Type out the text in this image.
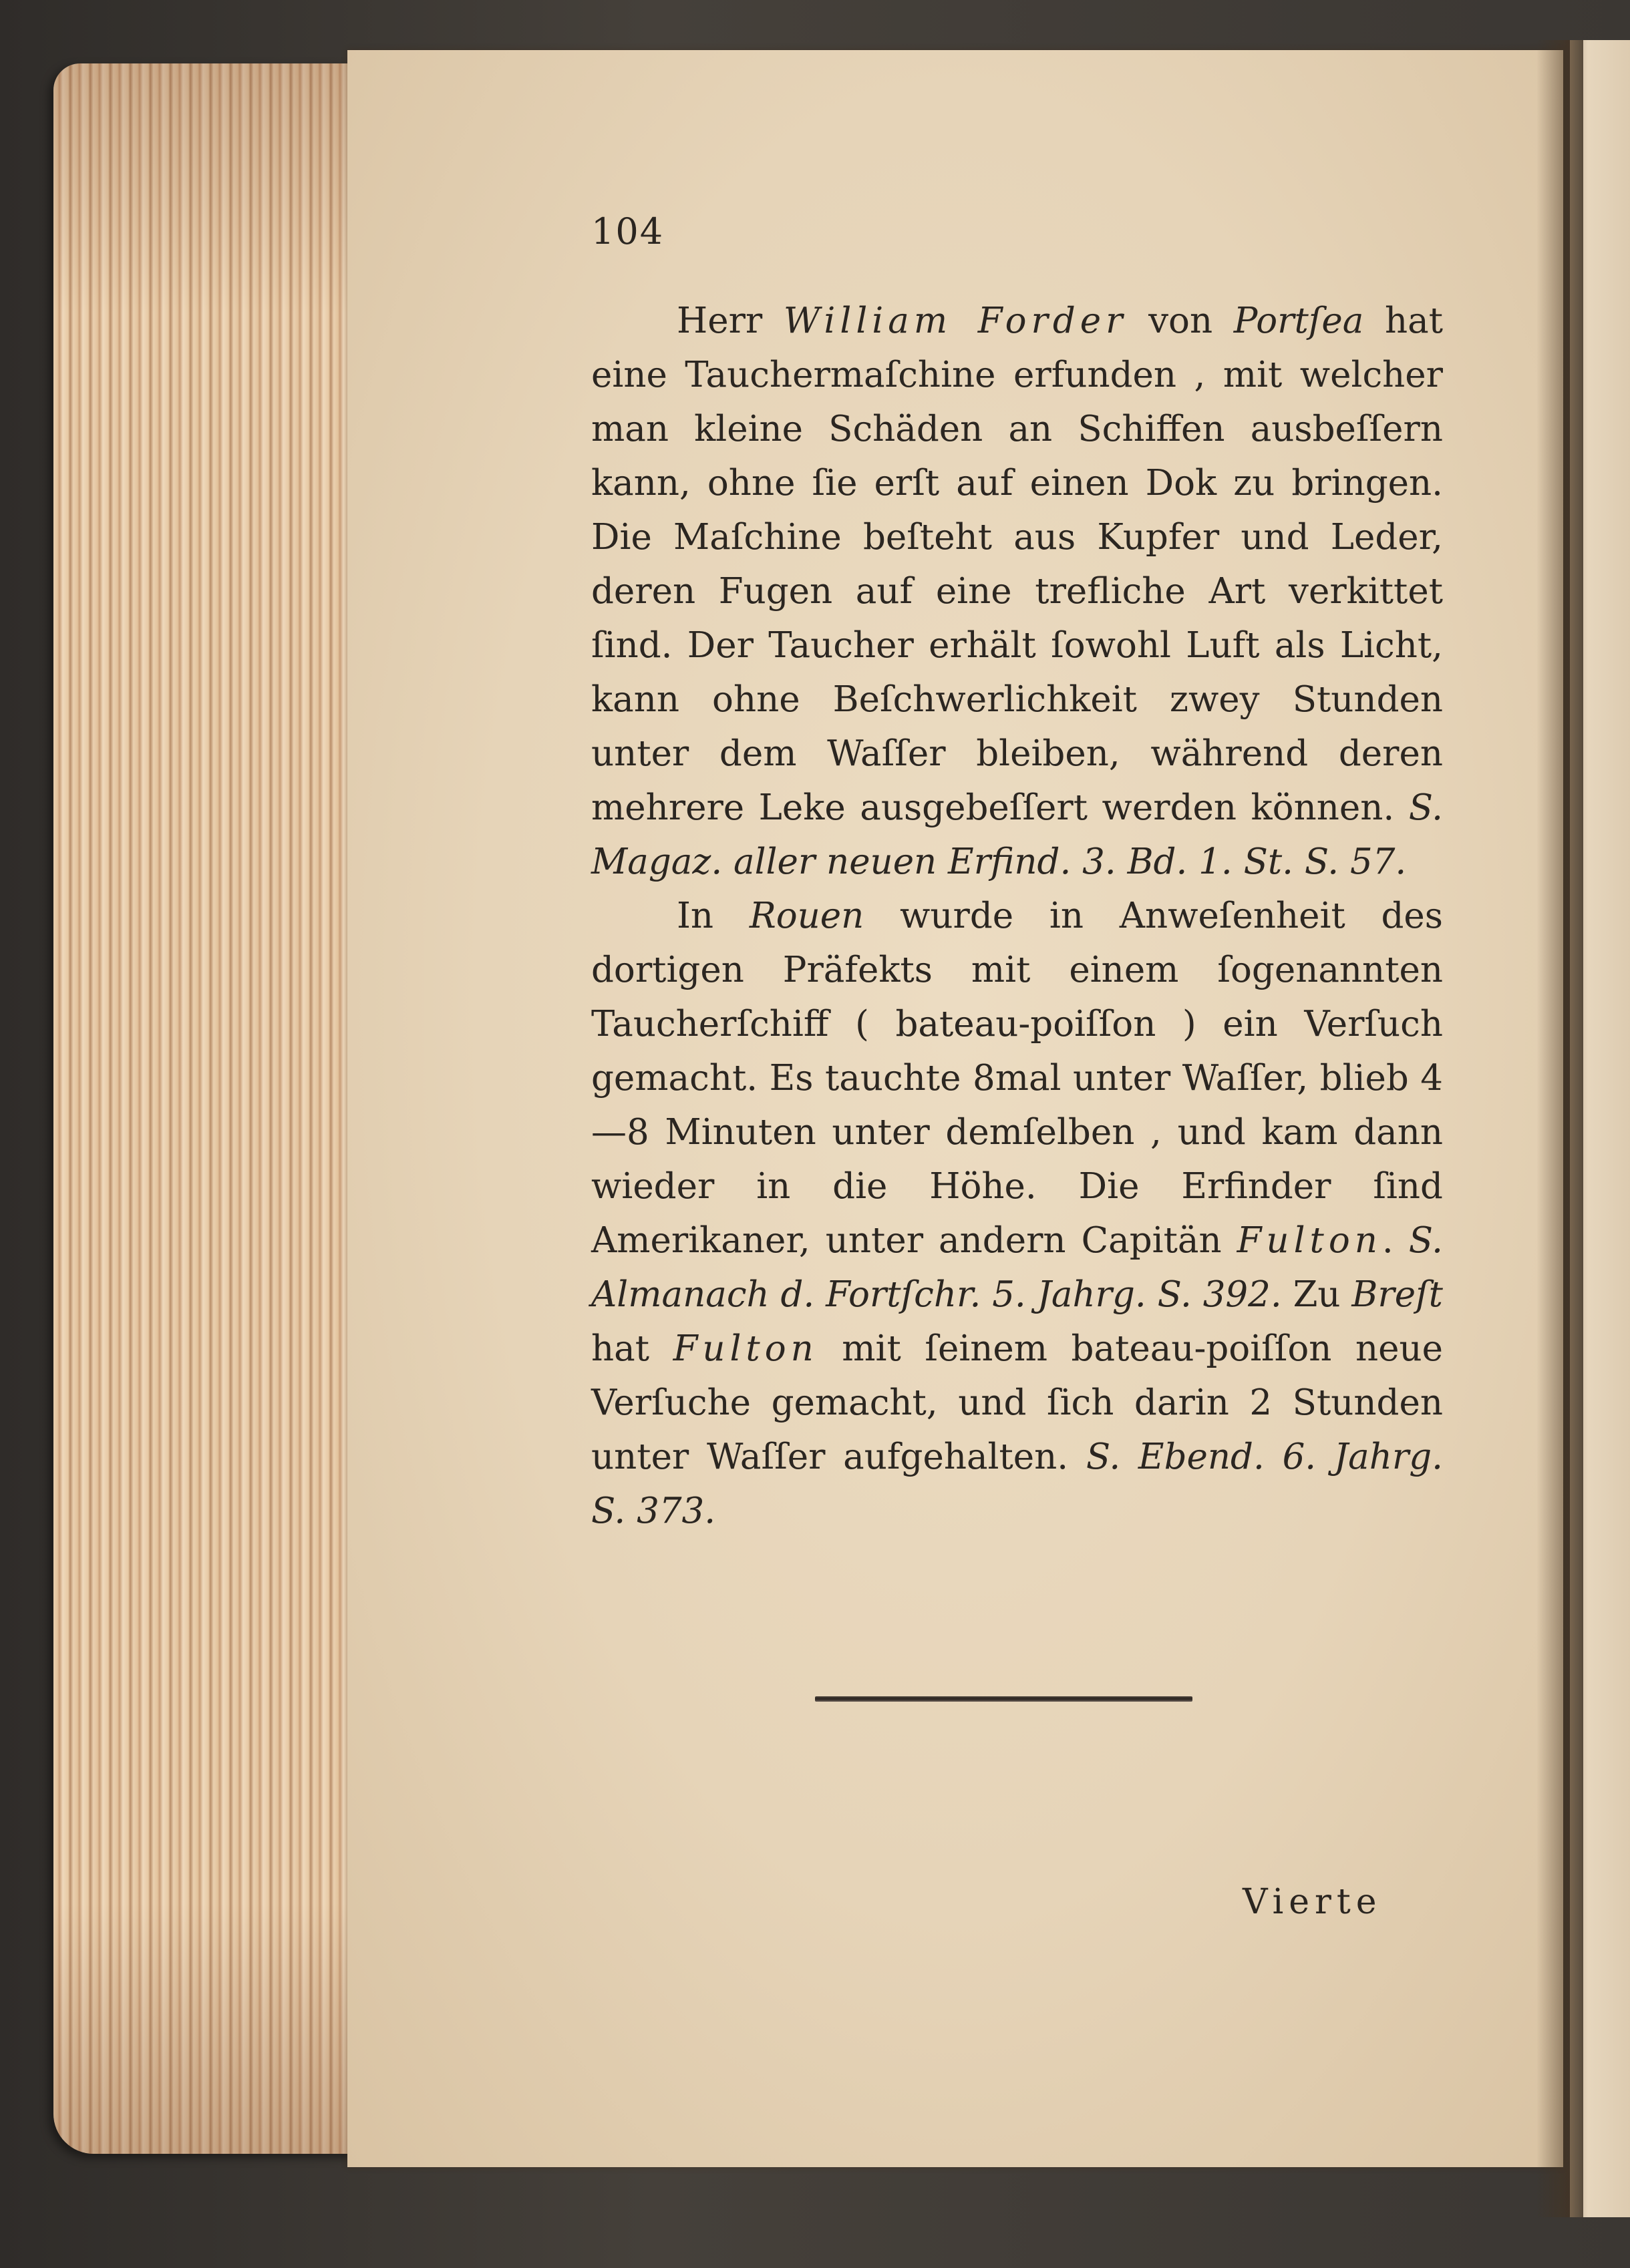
104

Herr William Forder von Portſea hat eine Tauchermaſchine erfunden , mit welcher man kleine Schäden an Schiffen ausbeſſern kann, ohne ſie erſt auf einen Dok zu bringen. Die Maſchine beſteht aus Kupfer und Leder, deren Fugen auf eine trefliche Art verkittet ſind. Der Taucher erhält ſowohl Luft als Licht, kann ohne Beſchwerlichkeit zwey Stunden unter dem Waſſer bleiben, während deren mehrere Leke ausgebeſſert werden können. S. Magaz. aller neuen Erfind. 3. Bd. 1. St. S. 57.

In Rouen wurde in Anweſenheit des dortigen Präfekts mit einem ſogenannten Taucherſchiff ( bateau-poiſſon ) ein Verſuch gemacht. Es tauchte 8mal unter Waſſer, blieb 4—8 Minuten unter demſelben , und kam dann wieder in die Höhe. Die Erfinder ſind Amerikaner, unter andern Capitän Fulton. S. Almanach d. Fortſchr. 5. Jahrg. S. 392. Zu Breſt hat Fulton mit ſeinem bateau-poiſſon neue Verſuche gemacht, und ſich darin 2 Stunden unter Waſſer aufgehalten. S. Ebend. 6. Jahrg. S. 373.

Vierte
